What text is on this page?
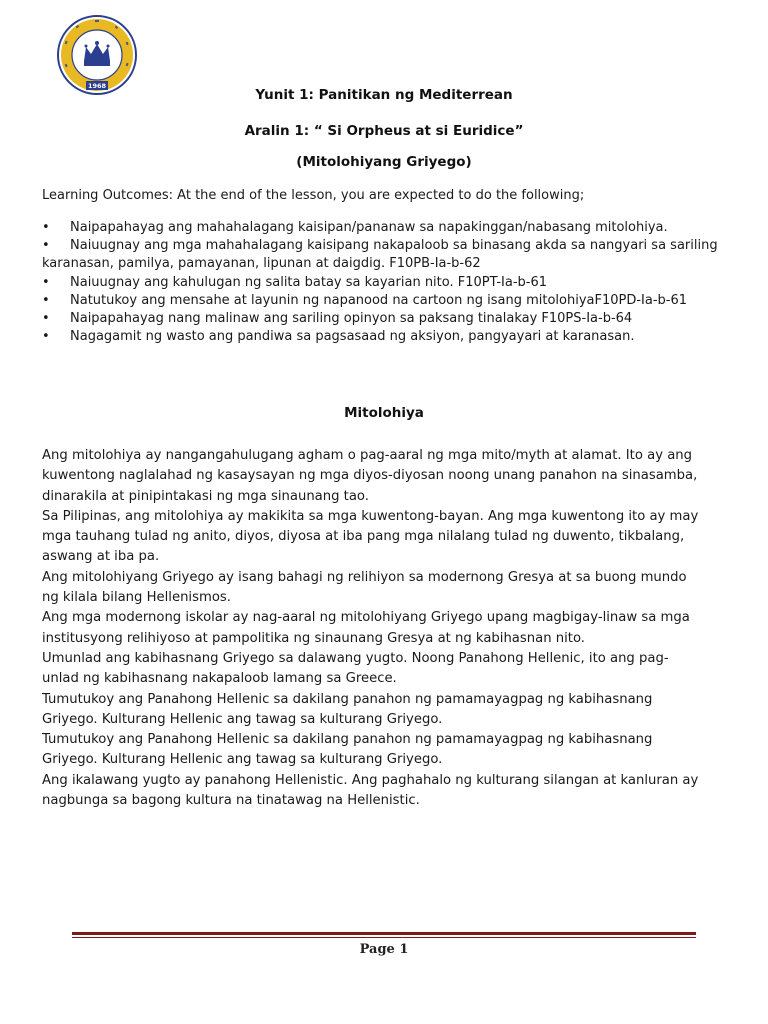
1968
Yunit 1: Panitikan ng Mediterrean
Aralin 1: “ Si Orpheus at si Euridice”
(Mitolohiyang Griyego)
Learning Outcomes: At the end of the lesson, you are expected to do the following;
• Naipapahayag ang mahahalagang kaisipan/pananaw sa napakinggan/nabasang mitolohiya.
• Naiuugnay ang mga mahahalagang kaisipang nakapaloob sa binasang akda sa nangyari sa sariling karanasan, pamilya, pamayanan, lipunan at daigdig. F10PB-Ia-b-62
• Naiuugnay ang kahulugan ng salita batay sa kayarian nito. F10PT-Ia-b-61
• Natutukoy ang mensahe at layunin ng napanood na cartoon ng isang mitolohiyaF10PD-Ia-b-61
• Naipapahayag nang malinaw ang sariling opinyon sa paksang tinalakay F10PS-Ia-b-64
• Nagagamit ng wasto ang pandiwa sa pagsasaad ng aksiyon, pangyayari at karanasan.
Mitolohiya

Ang mitolohiya ay nangangahulugang agham o pag-aaral ng mga mito/myth at alamat. Ito ay ang kuwentong naglalahad ng kasaysayan ng mga diyos-diyosan noong unang panahon na sinasamba, dinarakila at pinipintakasi ng mga sinaunang tao.

Sa Pilipinas, ang mitolohiya ay makikita sa mga kuwentong-bayan. Ang mga kuwentong ito ay may mga tauhang tulad ng anito, diyos, diyosa at iba pang mga nilalang tulad ng duwento, tikbalang, aswang at iba pa.

Ang mitolohiyang Griyego ay isang bahagi ng relihiyon sa modernong Gresya at sa buong mundo ng kilala bilang Hellenismos.

Ang mga modernong iskolar ay nag-aaral ng mitolohiyang Griyego upang magbigay-linaw sa mga institusyong relihiyoso at pampolitika ng sinaunang Gresya at ng kabihasnan nito.

Umunlad ang kabihasnang Griyego sa dalawang yugto. Noong Panahong Hellenic, ito ang pag-unlad ng kabihasnang nakapaloob lamang sa Greece.

Tumutukoy ang Panahong Hellenic sa dakilang panahon ng pamamayagpag ng kabihasnang Griyego. Kulturang Hellenic ang tawag sa kulturang Griyego.

Tumutukoy ang Panahong Hellenic sa dakilang panahon ng pamamayagpag ng kabihasnang Griyego. Kulturang Hellenic ang tawag sa kulturang Griyego.

Ang ikalawang yugto ay panahong Hellenistic. Ang paghahalo ng kulturang silangan at kanluran ay nagbunga sa bagong kultura na tinatawag na Hellenistic.

Page 1
